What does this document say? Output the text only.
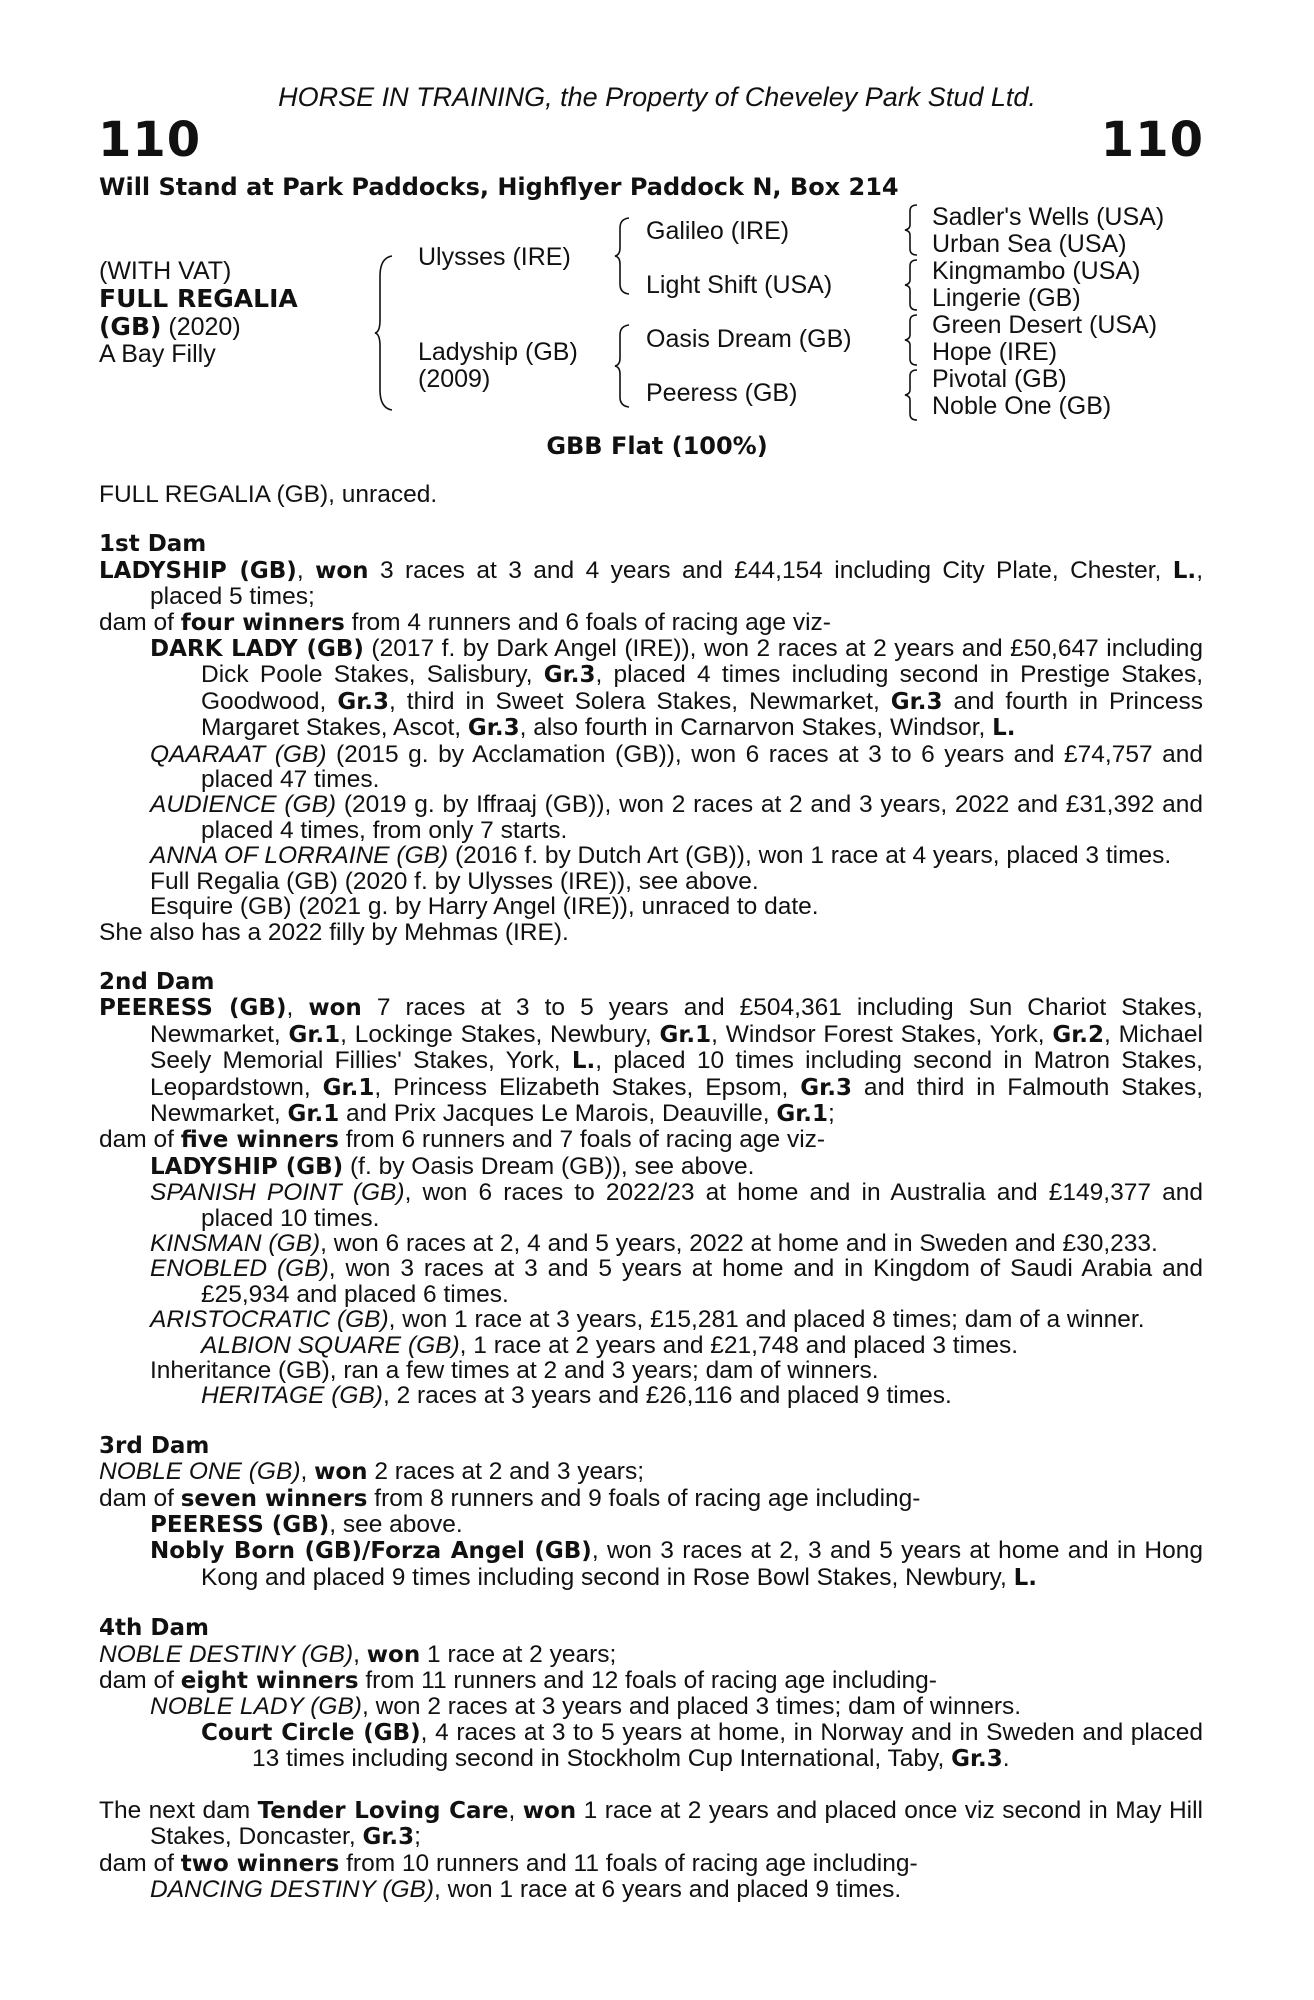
HORSE IN TRAINING, the Property of Cheveley Park Stud Ltd.
110	110
Will Stand at Park Paddocks, Highflyer Paddock N, Box 214
(WITH VAT)
FULL REGALIA
(GB) (2020)
A Bay Filly
Ulysses (IRE)
Ladyship (GB)
(2009)
Galileo (IRE)
Light Shift (USA)
Oasis Dream (GB)
Peeress (GB)
Sadler's Wells (USA)
Urban Sea (USA)
Kingmambo (USA)
Lingerie (GB)
Green Desert (USA)
Hope (IRE)
Pivotal (GB)
Noble One (GB)
GBB Flat (100%)

FULL REGALIA (GB), unraced.

1st Dam

LADYSHIP (GB), won 3 races at 3 and 4 years and £44,154 including City Plate, Chester, L., placed 5 times;

dam of four winners from 4 runners and 6 foals of racing age viz-

DARK LADY (GB) (2017 f. by Dark Angel (IRE)), won 2 races at 2 years and £50,647 including Dick Poole Stakes, Salisbury, Gr.3, placed 4 times including second in Prestige Stakes, Goodwood, Gr.3, third in Sweet Solera Stakes, Newmarket, Gr.3 and fourth in Princess Margaret Stakes, Ascot, Gr.3, also fourth in Carnarvon Stakes, Windsor, L.

QAARAAT (GB) (2015 g. by Acclamation (GB)), won 6 races at 3 to 6 years and £74,757 and placed 47 times.

AUDIENCE (GB) (2019 g. by Iffraaj (GB)), won 2 races at 2 and 3 years, 2022 and £31,392 and placed 4 times, from only 7 starts.

ANNA OF LORRAINE (GB) (2016 f. by Dutch Art (GB)), won 1 race at 4 years, placed 3 times.

Full Regalia (GB) (2020 f. by Ulysses (IRE)), see above.

Esquire (GB) (2021 g. by Harry Angel (IRE)), unraced to date.

She also has a 2022 filly by Mehmas (IRE).

2nd Dam

PEERESS (GB), won 7 races at 3 to 5 years and £504,361 including Sun Chariot Stakes, Newmarket, Gr.1, Lockinge Stakes, Newbury, Gr.1, Windsor Forest Stakes, York, Gr.2, Michael Seely Memorial Fillies' Stakes, York, L., placed 10 times including second in Matron Stakes, Leopardstown, Gr.1, Princess Elizabeth Stakes, Epsom, Gr.3 and third in Falmouth Stakes, Newmarket, Gr.1 and Prix Jacques Le Marois, Deauville, Gr.1;

dam of five winners from 6 runners and 7 foals of racing age viz-

LADYSHIP (GB) (f. by Oasis Dream (GB)), see above.

SPANISH POINT (GB), won 6 races to 2022/23 at home and in Australia and £149,377 and placed 10 times.

KINSMAN (GB), won 6 races at 2, 4 and 5 years, 2022 at home and in Sweden and £30,233.

ENOBLED (GB), won 3 races at 3 and 5 years at home and in Kingdom of Saudi Arabia and £25,934 and placed 6 times.

ARISTOCRATIC (GB), won 1 race at 3 years, £15,281 and placed 8 times; dam of a winner.

ALBION SQUARE (GB), 1 race at 2 years and £21,748 and placed 3 times.

Inheritance (GB), ran a few times at 2 and 3 years; dam of winners.

HERITAGE (GB), 2 races at 3 years and £26,116 and placed 9 times.

3rd Dam

NOBLE ONE (GB), won 2 races at 2 and 3 years;

dam of seven winners from 8 runners and 9 foals of racing age including-

PEERESS (GB), see above.

Nobly Born (GB)/Forza Angel (GB), won 3 races at 2, 3 and 5 years at home and in Hong Kong and placed 9 times including second in Rose Bowl Stakes, Newbury, L.

4th Dam

NOBLE DESTINY (GB), won 1 race at 2 years;

dam of eight winners from 11 runners and 12 foals of racing age including-

NOBLE LADY (GB), won 2 races at 3 years and placed 3 times; dam of winners.

Court Circle (GB), 4 races at 3 to 5 years at home, in Norway and in Sweden and placed 13 times including second in Stockholm Cup International, Taby, Gr.3.

The next dam Tender Loving Care, won 1 race at 2 years and placed once viz second in May Hill Stakes, Doncaster, Gr.3;

dam of two winners from 10 runners and 11 foals of racing age including-

DANCING DESTINY (GB), won 1 race at 6 years and placed 9 times.
